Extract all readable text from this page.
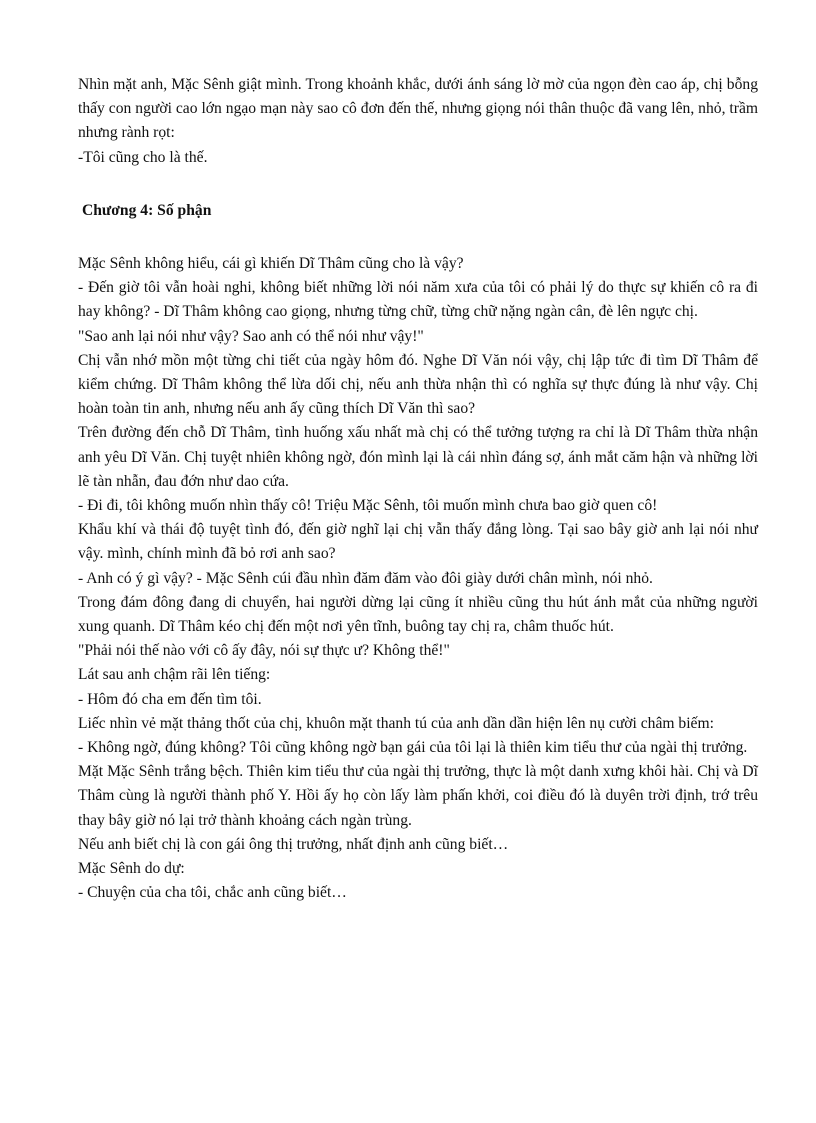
Nhìn mặt anh, Mặc Sênh giật mình. Trong khoảnh khắc, dưới ánh sáng lờ mờ của ngọn đèn cao áp, chị bỗng thấy con người cao lớn ngạo mạn này sao cô đơn đến thế, nhưng giọng nói thân thuộc đã vang lên, nhỏ, trầm nhưng rành rọt:

-Tôi cũng cho là thế.

Chương 4: Số phận

Mặc Sênh không hiểu, cái gì khiến Dĩ Thâm cũng cho là vậy?

- Đến giờ tôi vẫn hoài nghi, không biết những lời nói năm xưa của tôi có phải lý do thực sự khiến cô ra đi hay không? - Dĩ Thâm không cao giọng, nhưng từng chữ, từng chữ nặng ngàn cân, đè lên ngực chị.

"Sao anh lại nói như vậy? Sao anh có thể nói như vậy!"

Chị vẫn nhớ mồn một từng chi tiết của ngày hôm đó. Nghe Dĩ Văn nói vậy, chị lập tức đi tìm Dĩ Thâm để kiểm chứng. Dĩ Thâm không thể lừa dối chị, nếu anh thừa nhận thì có nghĩa sự thực đúng là như vậy. Chị hoàn toàn tin anh, nhưng nếu anh ấy cũng thích Dĩ Văn thì sao?

Trên đường đến chỗ Dĩ Thâm, tình huống xấu nhất mà chị có thể tưởng tượng ra chỉ là Dĩ Thâm thừa nhận anh yêu Dĩ Văn. Chị tuyệt nhiên không ngờ, đón mình lại là cái nhìn đáng sợ, ánh mắt căm hận và những lời lẽ tàn nhẫn, đau đớn như dao cứa.

- Đi đi, tôi không muốn nhìn thấy cô! Triệu Mặc Sênh, tôi muốn mình chưa bao giờ quen cô!

Khẩu khí và thái độ tuyệt tình đó, đến giờ nghĩ lại chị vẫn thấy đắng lòng. Tại sao bây giờ anh lại nói như vậy. mình, chính mình đã bỏ rơi anh sao?

- Anh có ý gì vậy? - Mặc Sênh cúi đầu nhìn đăm đăm vào đôi giày dưới chân mình, nói nhỏ.

Trong đám đông đang di chuyển, hai người dừng lại cũng ít nhiều cũng thu hút ánh mắt của những người xung quanh. Dĩ Thâm kéo chị đến một nơi yên tĩnh, buông tay chị ra, châm thuốc hút.

"Phải nói thế nào với cô ấy đây, nói sự thực ư? Không thể!"

Lát sau anh chậm rãi lên tiếng:

- Hôm đó cha em đến tìm tôi.

Liếc nhìn vẻ mặt thảng thốt của chị, khuôn mặt thanh tú của anh dần dần hiện lên nụ cười châm biếm:

- Không ngờ, đúng không? Tôi cũng không ngờ bạn gái của tôi lại là thiên kim tiểu thư của ngài thị trưởng.

Mặt Mặc Sênh trắng bệch. Thiên kim tiểu thư của ngài thị trưởng, thực là một danh xưng khôi hài. Chị và Dĩ Thâm cùng là người thành phố Y. Hồi ấy họ còn lấy làm phấn khởi, coi điều đó là duyên trời định, trớ trêu thay bây giờ nó lại trở thành khoảng cách ngàn trùng.

Nếu anh biết chị là con gái ông thị trưởng, nhất định anh cũng biết…

Mặc Sênh do dự:

- Chuyện của cha tôi, chắc anh cũng biết…
